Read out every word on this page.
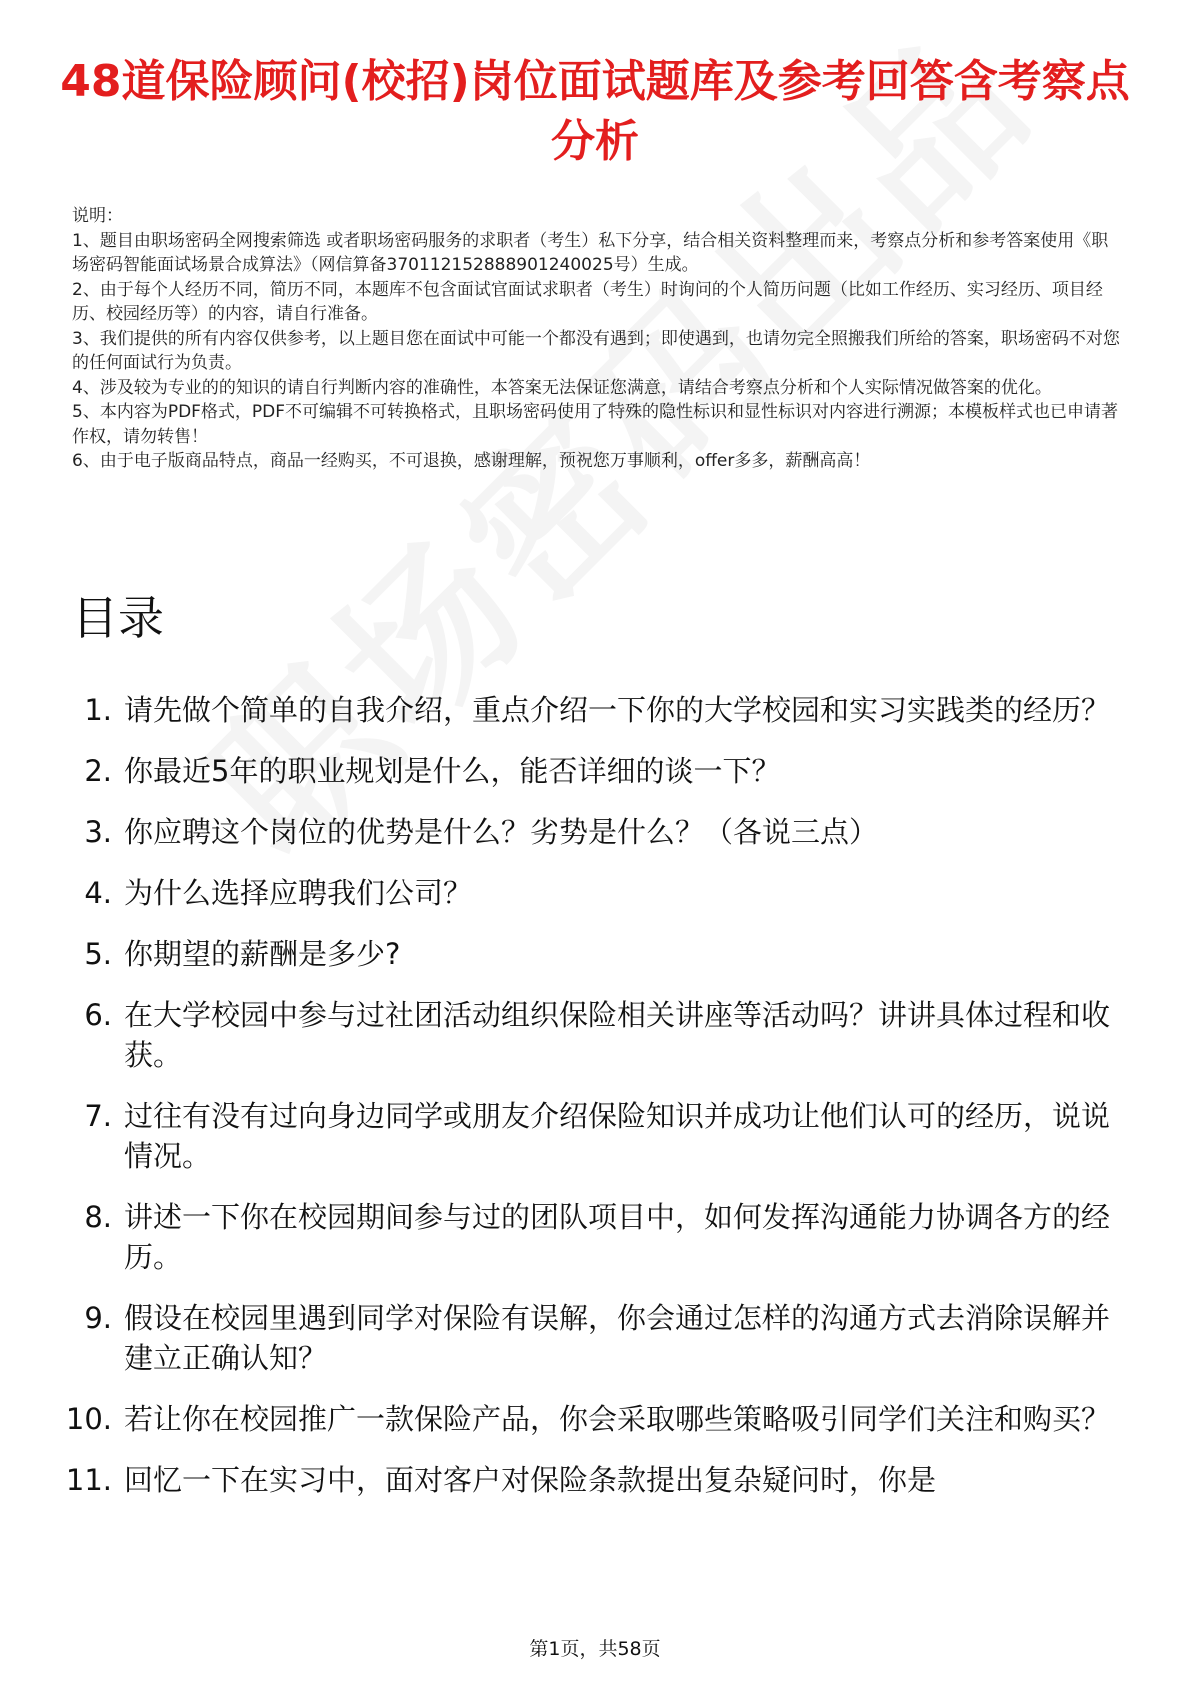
48道保险顾问(校招)岗位面试题库及参考回答含考察点分析

说明：

1、题目由职场密码全网搜索筛选 或者职场密码服务的求职者（考生）私下分享，结合相关资料整理而来，考察点分析和参考答案使用《职场密码智能面试场景合成算法》（网信算备370112152888901240025号）生成。

2、由于每个人经历不同，简历不同，本题库不包含面试官面试求职者（考生）时询问的个人简历问题（比如工作经历、实习经历、项目经历、校园经历等）的内容，请自行准备。

3、我们提供的所有内容仅供参考，以上题目您在面试中可能一个都没有遇到；即使遇到，也请勿完全照搬我们所给的答案，职场密码不对您的任何面试行为负责。

4、涉及较为专业的的知识的请自行判断内容的准确性，本答案无法保证您满意，请结合考察点分析和个人实际情况做答案的优化。

5、本内容为PDF格式，PDF不可编辑不可转换格式，且职场密码使用了特殊的隐性标识和显性标识对内容进行溯源；本模板样式也已申请著作权，请勿转售！

6、由于电子版商品特点，商品一经购买，不可退换，感谢理解，预祝您万事顺利，offer多多，薪酬高高！

目录
1. 请先做个简单的自我介绍，重点介绍一下你的大学校园和实习实践类的经历？
2. 你最近5年的职业规划是什么，能否详细的谈一下？
3. 你应聘这个岗位的优势是什么？劣势是什么？（各说三点）
4. 为什么选择应聘我们公司？
5. 你期望的薪酬是多少?
6. 在大学校园中参与过社团活动组织保险相关讲座等活动吗？讲讲具体过程和收获。
7. 过往有没有过向身边同学或朋友介绍保险知识并成功让他们认可的经历，说说情况。
8. 讲述一下你在校园期间参与过的团队项目中，如何发挥沟通能力协调各方的经历。
9. 假设在校园里遇到同学对保险有误解，你会通过怎样的沟通方式去消除误解并建立正确认知？
10. 若让你在校园推广一款保险产品，你会采取哪些策略吸引同学们关注和购买？
11. 回忆一下在实习中，面对客户对保险条款提出复杂疑问时，你是
第1页，共58页
